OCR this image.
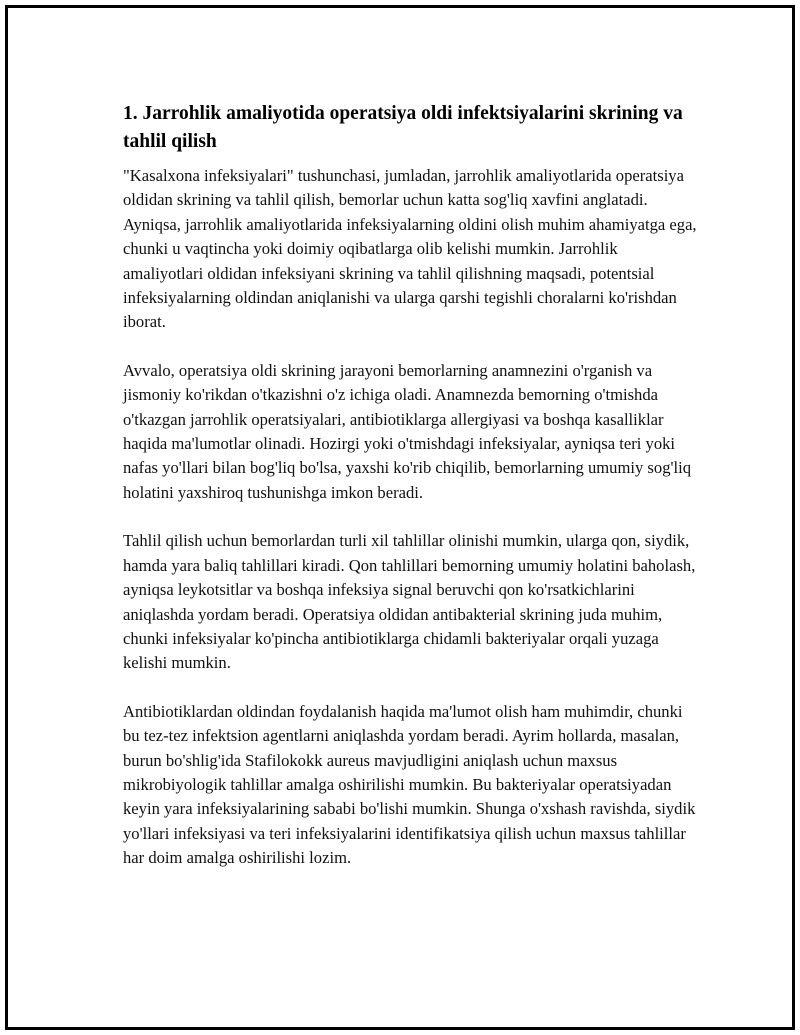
1. Jarrohlik amaliyotida operatsiya oldi infektsiyalarini skrining va tahlil qilish

"Kasalxona infeksiyalari" tushunchasi, jumladan, jarrohlik amaliyotlarida operatsiya oldidan skrining va tahlil qilish, bemorlar uchun katta sog'liq xavfini anglatadi. Ayniqsa, jarrohlik amaliyotlarida infeksiyalarning oldini olish muhim ahamiyatga ega, chunki u vaqtincha yoki doimiy oqibatlarga olib kelishi mumkin. Jarrohlik amaliyotlari oldidan infeksiyani skrining va tahlil qilishning maqsadi, potentsial infeksiyalarning oldindan aniqlanishi va ularga qarshi tegishli choralarni ko'rishdan iborat.

Avvalo, operatsiya oldi skrining jarayoni bemorlarning anamnezini o'rganish va jismoniy ko'rikdan o'tkazishni o'z ichiga oladi. Anamnezda bemorning o'tmishda o'tkazgan jarrohlik operatsiyalari, antibiotiklarga allergiyasi va boshqa kasalliklar haqida ma'lumotlar olinadi. Hozirgi yoki o'tmishdagi infeksiyalar, ayniqsa teri yoki nafas yo'llari bilan bog'liq bo'lsa, yaxshi ko'rib chiqilib, bemorlarning umumiy sog'liq holatini yaxshiroq tushunishga imkon beradi.

Tahlil qilish uchun bemorlardan turli xil tahlillar olinishi mumkin, ularga qon, siydik, hamda yara baliq tahlillari kiradi. Qon tahlillari bemorning umumiy holatini baholash, ayniqsa leykotsitlar va boshqa infeksiya signal beruvchi qon ko'rsatkichlarini aniqlashda yordam beradi. Operatsiya oldidan antibakterial skrining juda muhim, chunki infeksiyalar ko'pincha antibiotiklarga chidamli bakteriyalar orqali yuzaga kelishi mumkin.

Antibiotiklardan oldindan foydalanish haqida ma'lumot olish ham muhimdir, chunki bu tez-tez infektsion agentlarni aniqlashda yordam beradi. Ayrim hollarda, masalan, burun bo'shlig'ida Stafilokokk aureus mavjudligini aniqlash uchun maxsus mikrobiyologik tahlillar amalga oshirilishi mumkin. Bu bakteriyalar operatsiyadan keyin yara infeksiyalarining sababi bo'lishi mumkin. Shunga o'xshash ravishda, siydik yo'llari infeksiyasi va teri infeksiyalarini identifikatsiya qilish uchun maxsus tahlillar har doim amalga oshirilishi lozim.
